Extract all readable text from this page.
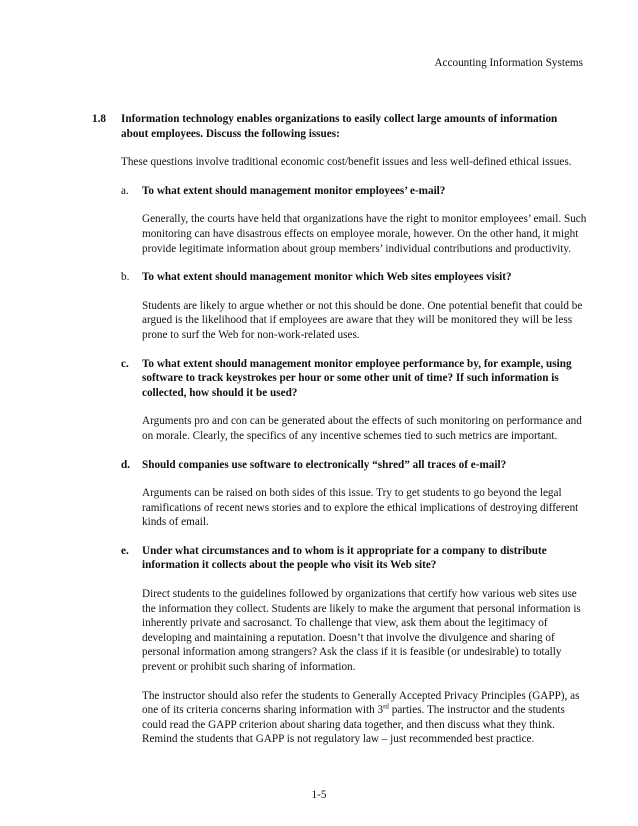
Accounting Information Systems
1.8	Information technology enables organizations to easily collect large amounts of information about employees. Discuss the following issues:

These questions involve traditional economic cost/benefit issues and less well-defined ethical issues.

a.	To what extent should management monitor employees’ e-mail?

Generally, the courts have held that organizations have the right to monitor employees’ email. Such monitoring can have disastrous effects on employee morale, however. On the other hand, it might provide legitimate information about group members’ individual contributions and productivity.

b.	To what extent should management monitor which Web sites employees visit?

Students are likely to argue whether or not this should be done. One potential benefit that could be argued is the likelihood that if employees are aware that they will be monitored they will be less prone to surf the Web for non-work-related uses.

c.	To what extent should management monitor employee performance by, for example, using software to track keystrokes per hour or some other unit of time? If such information is collected, how should it be used?

Arguments pro and con can be generated about the effects of such monitoring on performance and on morale. Clearly, the specifics of any incentive schemes tied to such metrics are important.

d.	Should companies use software to electronically “shred” all traces of e-mail?

Arguments can be raised on both sides of this issue. Try to get students to go beyond the legal ramifications of recent news stories and to explore the ethical implications of destroying different kinds of email.

e.	Under what circumstances and to whom is it appropriate for a company to distribute information it collects about the people who visit its Web site?

Direct students to the guidelines followed by organizations that certify how various web sites use the information they collect. Students are likely to make the argument that personal information is inherently private and sacrosanct. To challenge that view, ask them about the legitimacy of developing and maintaining a reputation. Doesn’t that involve the divulgence and sharing of personal information among strangers? Ask the class if it is feasible (or undesirable) to totally prevent or prohibit such sharing of information.

The instructor should also refer the students to Generally Accepted Privacy Principles (GAPP), as one of its criteria concerns sharing information with 3rd parties. The instructor and the students could read the GAPP criterion about sharing data together, and then discuss what they think. Remind the students that GAPP is not regulatory law – just recommended best practice.

1-5
